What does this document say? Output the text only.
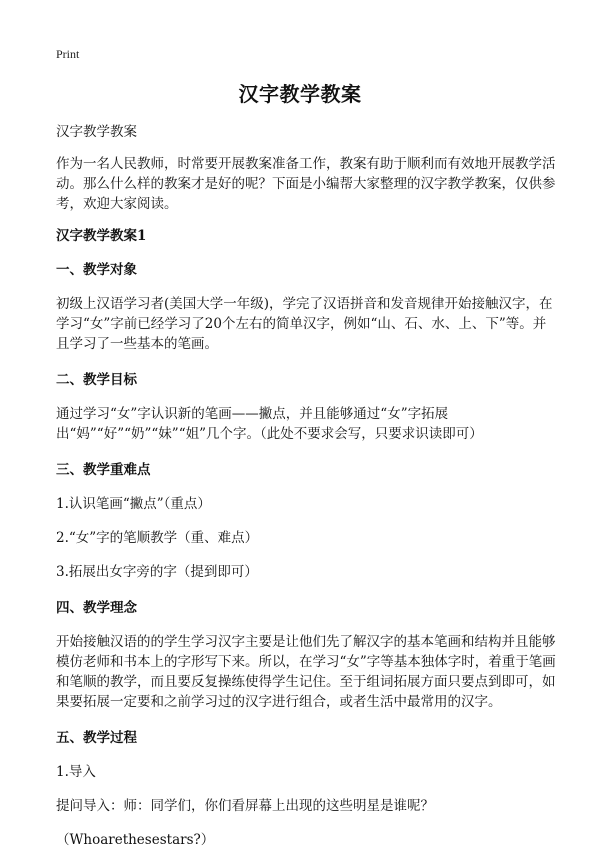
Print
汉字教学教案

汉字教学教案

作为一名人民教师，时常要开展教案准备工作，教案有助于顺利而有效地开展教学活动。那么什么样的教案才是好的呢？下面是小编帮大家整理的汉字教学教案，仅供参考，欢迎大家阅读。

汉字教学教案1

一、教学对象

初级上汉语学习者(美国大学一年级)，学完了汉语拼音和发音规律开始接触汉字，在学习“女”字前已经学习了20个左右的简单汉字，例如“山、石、水、上、下”等。并且学习了一些基本的笔画。

二、教学目标

通过学习“女”字认识新的笔画——撇点，并且能够通过“女”字拓展出“妈”“好”“奶”“妹”“姐”几个字。（此处不要求会写，只要求识读即可）

三、教学重难点

1.认识笔画“撇点”（重点）

2.“女”字的笔顺教学（重、难点）

3.拓展出女字旁的字（提到即可）

四、教学理念

开始接触汉语的的学生学习汉字主要是让他们先了解汉字的基本笔画和结构并且能够模仿老师和书本上的字形写下来。所以，在学习“女”字等基本独体字时，着重于笔画和笔顺的教学，而且要反复操练使得学生记住。至于组词拓展方面只要点到即可，如果要拓展一定要和之前学习过的汉字进行组合，或者生活中最常用的汉字。

五、教学过程

1.导入

提问导入：师：同学们，你们看屏幕上出现的这些明星是谁呢？

（Whoarethesestars?）
